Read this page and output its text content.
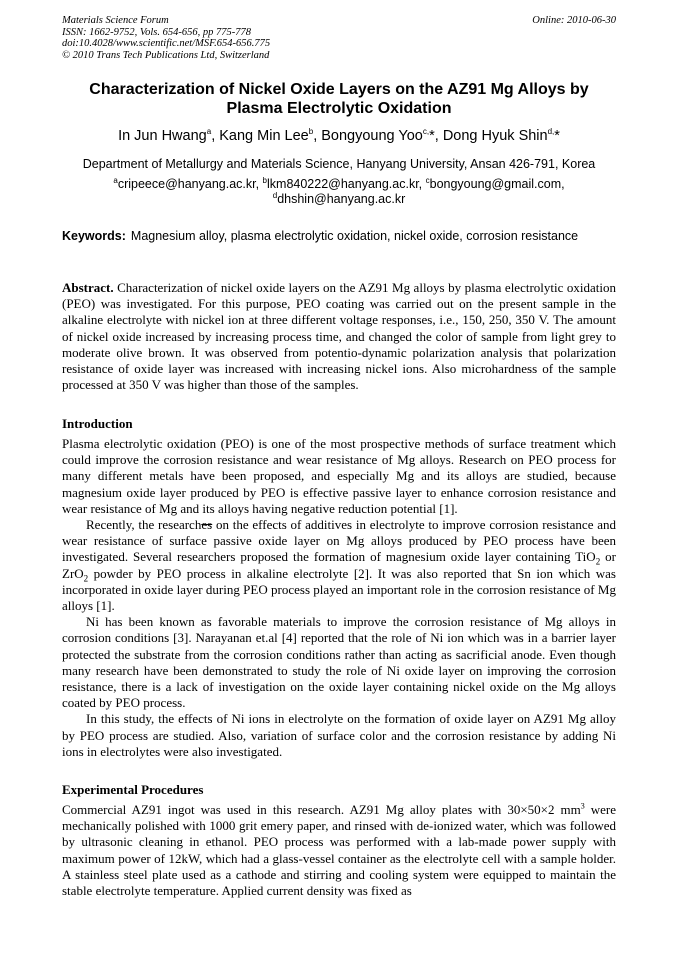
Materials Science Forum
ISSN: 1662-9752, Vols. 654-656, pp 775-778
doi:10.4028/www.scientific.net/MSF.654-656.775
© 2010 Trans Tech Publications Ltd, Switzerland
Online: 2010-06-30
Characterization of Nickel Oxide Layers on the AZ91 Mg Alloys by
Plasma Electrolytic Oxidation
In Jun Hwang$^a$, Kang Min Lee$^b$, Bongyoung Yoo$^{c,}$*, Dong Hyuk Shin$^{d,}$*
Department of Metallurgy and Materials Science, Hanyang University, Ansan 426-791, Korea
$^a$cripeece@hanyang.ac.kr, $^b$lkm840222@hanyang.ac.kr, $^c$bongyoung@gmail.com,
$^d$dhshin@hanyang.ac.kr
Keywords: Magnesium alloy, plasma electrolytic oxidation, nickel oxide, corrosion resistance

Abstract. Characterization of nickel oxide layers on the AZ91 Mg alloys by plasma electrolytic oxidation (PEO) was investigated. For this purpose, PEO coating was carried out on the present sample in the alkaline electrolyte with nickel ion at three different voltage responses, i.e., 150, 250, 350 V. The amount of nickel oxide increased by increasing process time, and changed the color of sample from light grey to moderate olive brown. It was observed from potentio-dynamic polarization analysis that polarization resistance of oxide layer was increased with increasing nickel ions. Also microhardness of the sample processed at 350 V was higher than those of the samples.

Introduction

Plasma electrolytic oxidation (PEO) is one of the most prospective methods of surface treatment which could improve the corrosion resistance and wear resistance of Mg alloys. Research on PEO process for many different metals have been proposed, and especially Mg and its alloys are studied, because magnesium oxide layer produced by PEO is effective passive layer to enhance corrosion resistance and wear resistance of Mg and its alloys having negative reduction potential [1].

Recently, the researches on the effects of additives in electrolyte to improve corrosion resistance and wear resistance of surface passive oxide layer on Mg alloys produced by PEO process have been investigated. Several researchers proposed the formation of magnesium oxide layer containing TiO$_2$ or ZrO$_2$ powder by PEO process in alkaline electrolyte [2]. It was also reported that Sn ion which was incorporated in oxide layer during PEO process played an important role in the corrosion resistance of Mg alloys [1].

Ni has been known as favorable materials to improve the corrosion resistance of Mg alloys in corrosion conditions [3]. Narayanan et.al [4] reported that the role of Ni ion which was in a barrier layer protected the substrate from the corrosion conditions rather than acting as sacrificial anode. Even though many research have been demonstrated to study the role of Ni oxide layer on improving the corrosion resistance, there is a lack of investigation on the oxide layer containing nickel oxide on the Mg alloys coated by PEO process.

In this study, the effects of Ni ions in electrolyte on the formation of oxide layer on AZ91 Mg alloy by PEO process are studied. Also, variation of surface color and the corrosion resistance by adding Ni ions in electrolytes were also investigated.

Experimental Procedures

Commercial AZ91 ingot was used in this research. AZ91 Mg alloy plates with 30×50×2 $mm^3$ were mechanically polished with 1000 grit emery paper, and rinsed with de-ionized water, which was followed by ultrasonic cleaning in ethanol. PEO process was performed with a lab-made power supply with maximum power of 12kW, which had a glass-vessel container as the electrolyte cell with a sample holder. A stainless steel plate used as a cathode and stirring and cooling system were equipped to maintain the stable electrolyte temperature. Applied current density was fixed as
